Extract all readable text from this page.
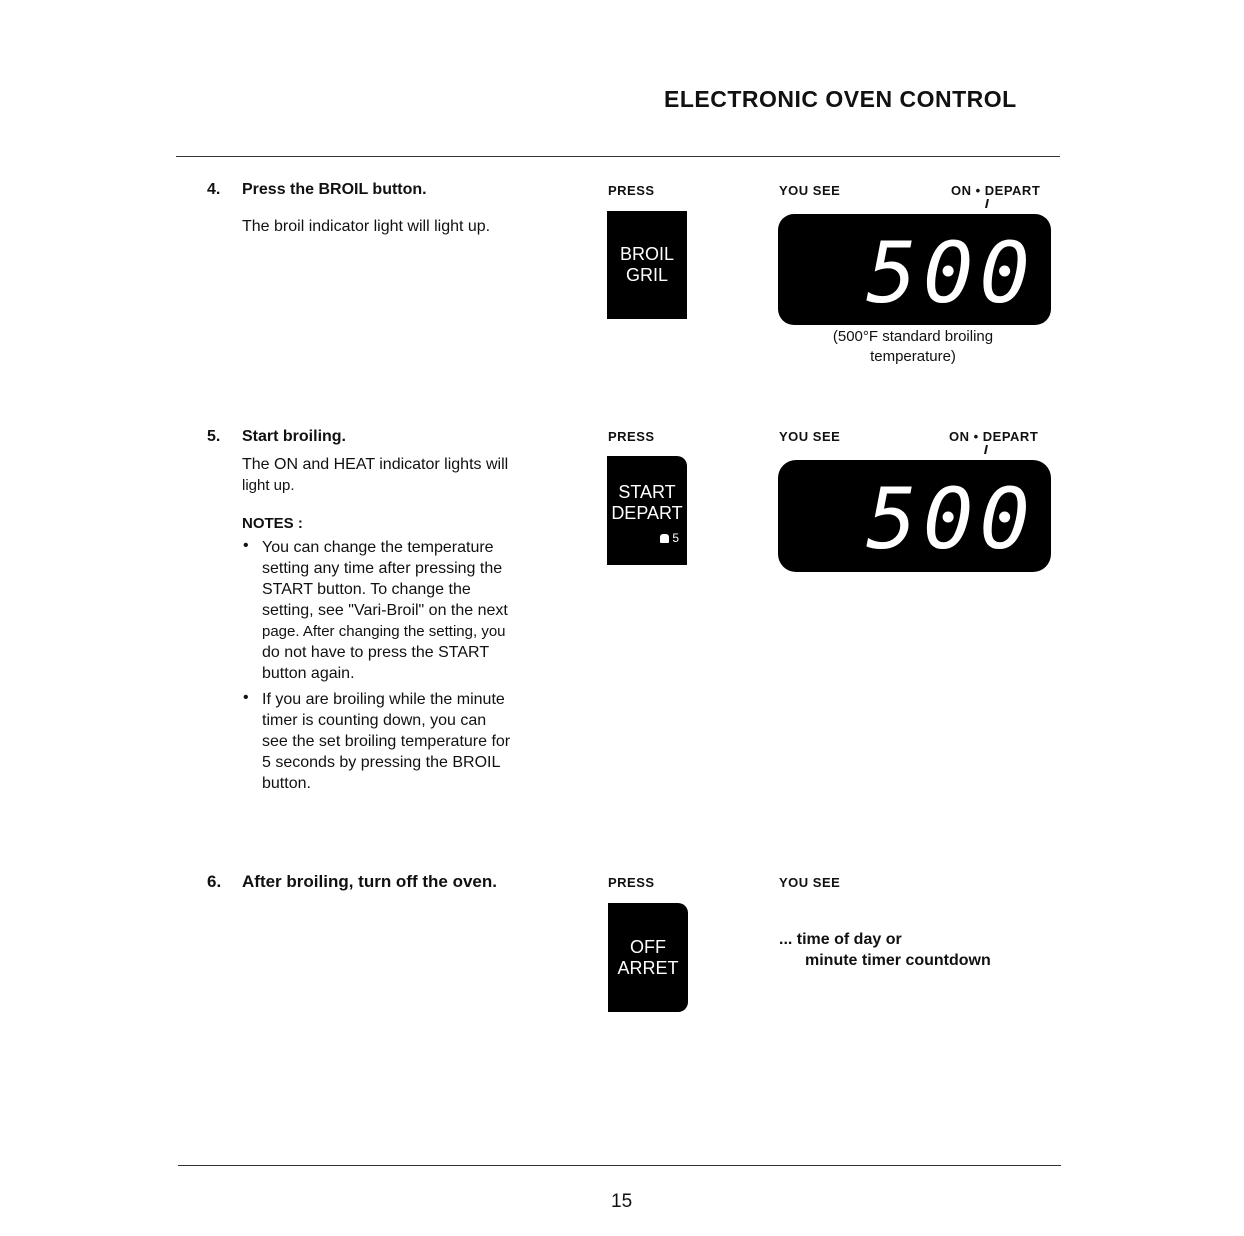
ELECTRONIC OVEN CONTROL
4. Press the BROIL button.
The broil indicator light will light up.
PRESS
BROIL
GRIL
YOU SEE	ON • DEPART
500
(500°F standard broiling
temperature)
5. Start broiling.
The ON and HEAT indicator lights will
light up.
NOTES :
• You can change the temperature
setting any time after pressing the
START button. To change the
setting, see "Vari-Broil" on the next
page. After changing the setting, you
do not have to press the START
button again.
• If you are broiling while the minute
timer is counting down, you can
see the set broiling temperature for
5 seconds by pressing the BROIL
button.
PRESS
START
DEPART
5
YOU SEE	ON • DEPART
500
6. After broiling, turn off the oven.	PRESS
OFF
ARRET
YOU SEE
... time of day or
minute timer countdown
15
